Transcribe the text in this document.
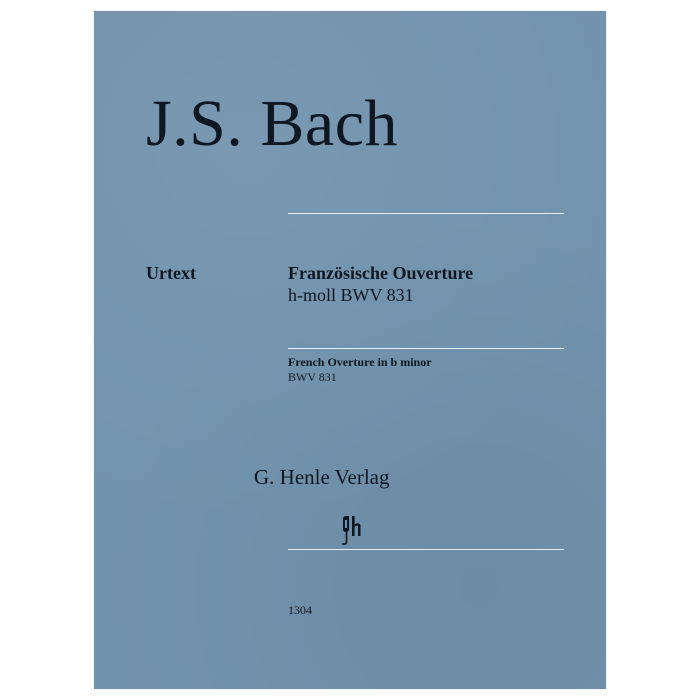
J.S. Bach
Urtext	Französische Ouverture
h-moll BWV 831
French Overture in b minor
BWV 831
G. Henle Verlag
1304
